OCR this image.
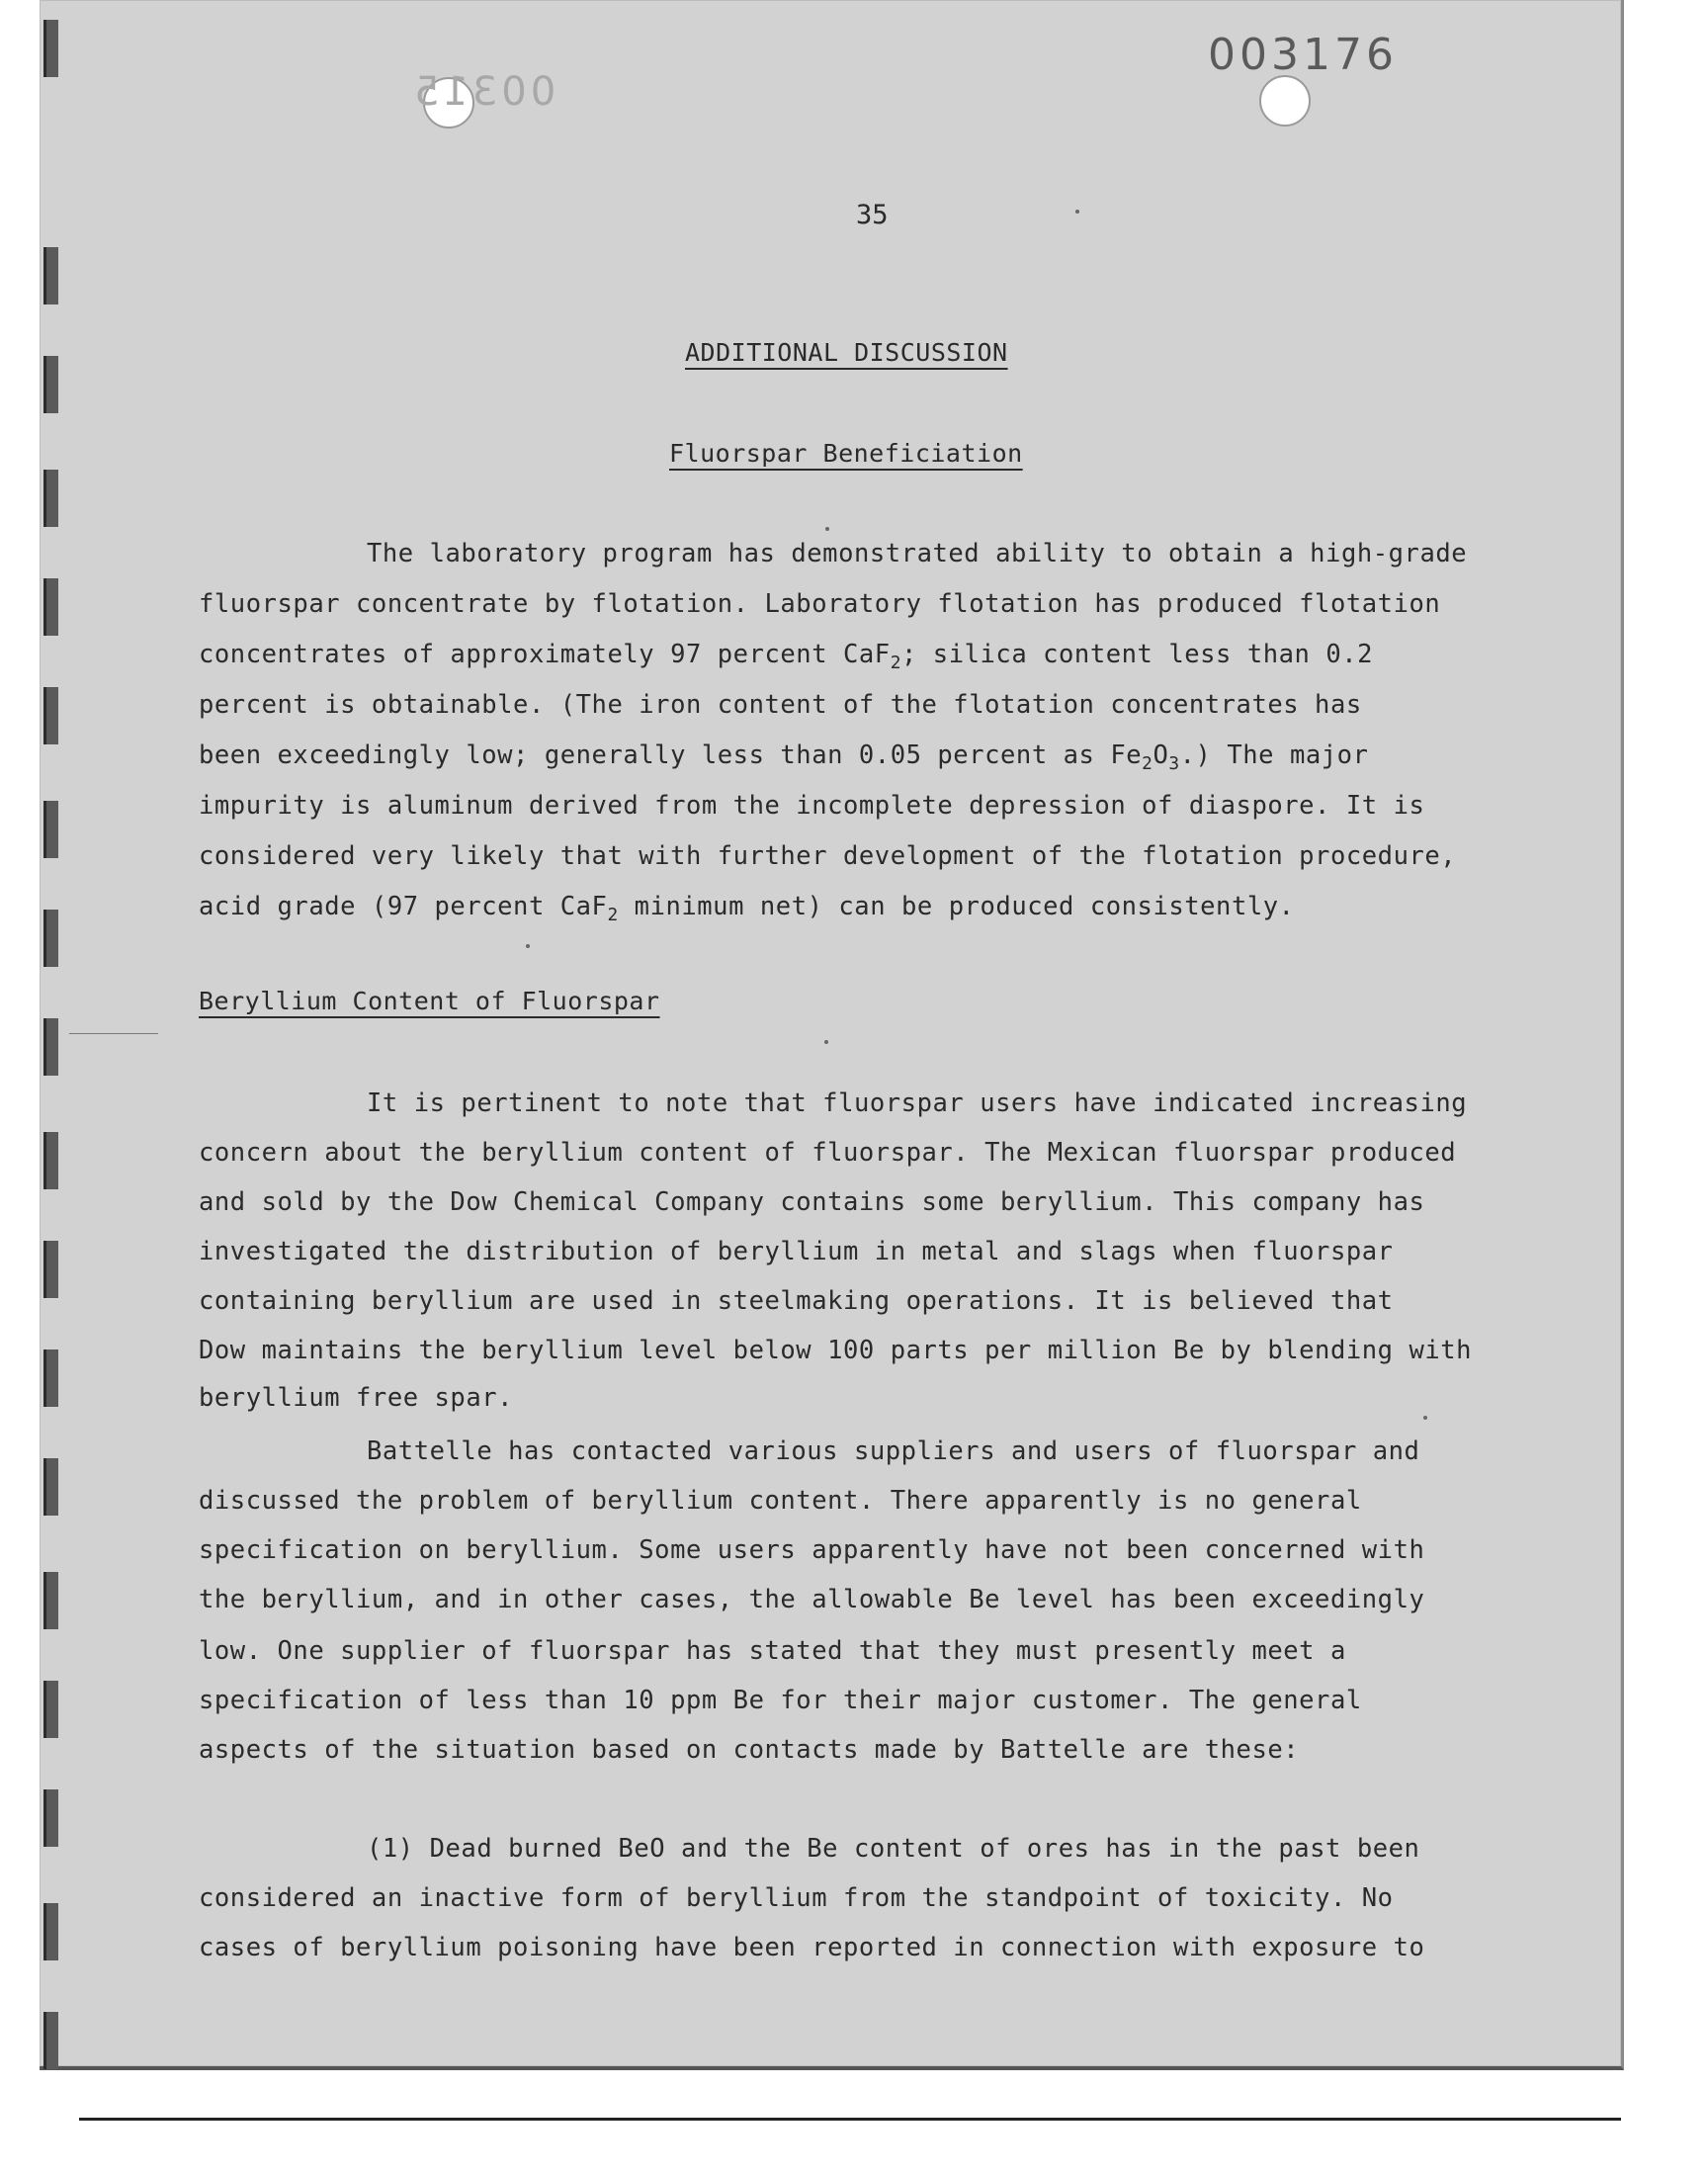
00315
003176
35
ADDITIONAL DISCUSSION
Fluorspar Beneficiation
The laboratory program has demonstrated ability to obtain a high-grade
fluorspar concentrate by flotation. Laboratory flotation has produced flotation
concentrates of approximately 97 percent CaF$_2$; silica content less than 0.2
percent is obtainable. (The iron content of the flotation concentrates has
been exceedingly low; generally less than 0.05 percent as $Fe_2O_3$.) The major
impurity is aluminum derived from the incomplete depression of diaspore. It is
considered very likely that with further development of the flotation procedure,
acid grade (97 percent CaF$_2$ minimum net) can be produced consistently.
Beryllium Content of Fluorspar
It is pertinent to note that fluorspar users have indicated increasing
concern about the beryllium content of fluorspar. The Mexican fluorspar produced
and sold by the Dow Chemical Company contains some beryllium. This company has
investigated the distribution of beryllium in metal and slags when fluorspar
containing beryllium are used in steelmaking operations. It is believed that
Dow maintains the beryllium level below 100 parts per million Be by blending with
beryllium free spar.
Battelle has contacted various suppliers and users of fluorspar and
discussed the problem of beryllium content. There apparently is no general
specification on beryllium. Some users apparently have not been concerned with
the beryllium, and in other cases, the allowable Be level has been exceedingly
low. One supplier of fluorspar has stated that they must presently meet a
specification of less than 10 ppm Be for their major customer. The general
aspects of the situation based on contacts made by Battelle are these:
(1) Dead burned BeO and the Be content of ores has in the past been
considered an inactive form of beryllium from the standpoint of toxicity. No
cases of beryllium poisoning have been reported in connection with exposure to
